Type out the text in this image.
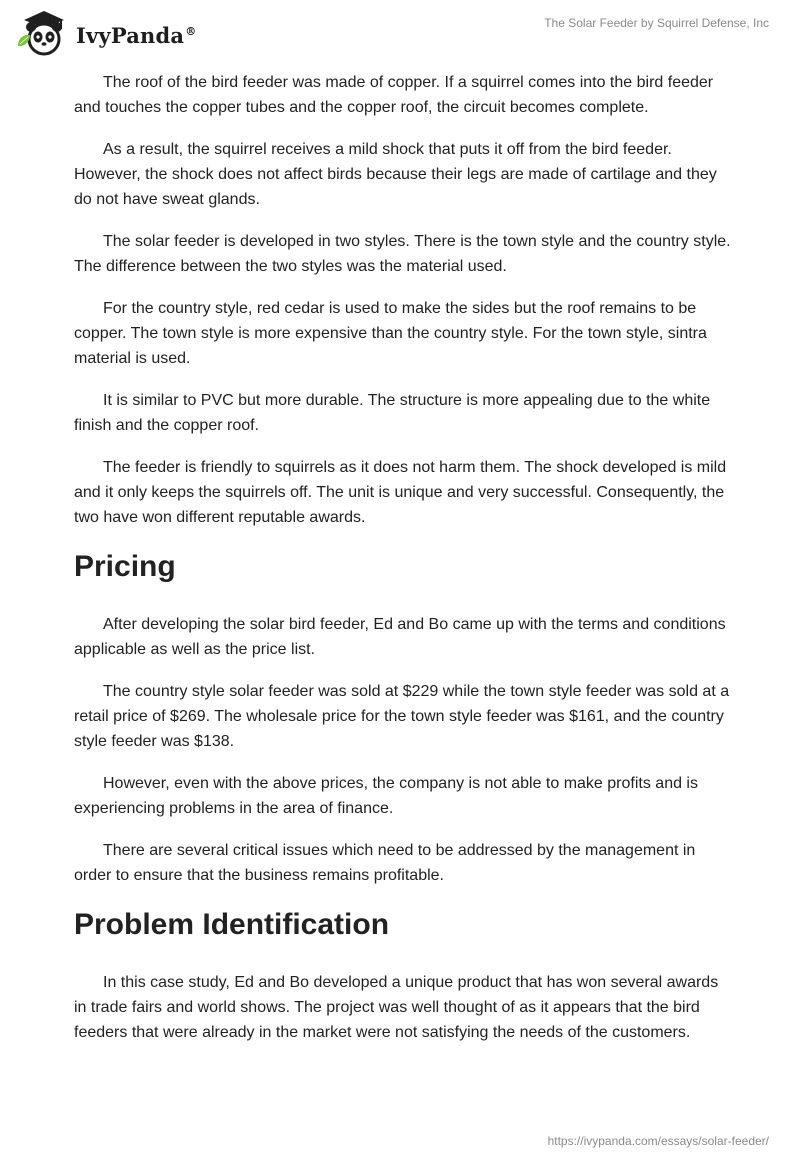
IvyPanda®
The Solar Feeder by Squirrel Defense, Inc

The roof of the bird feeder was made of copper. If a squirrel comes into the bird feeder and touches the copper tubes and the copper roof, the circuit becomes complete.

As a result, the squirrel receives a mild shock that puts it off from the bird feeder. However, the shock does not affect birds because their legs are made of cartilage and they do not have sweat glands.

The solar feeder is developed in two styles. There is the town style and the country style. The difference between the two styles was the material used.

For the country style, red cedar is used to make the sides but the roof remains to be copper. The town style is more expensive than the country style. For the town style, sintra material is used.

It is similar to PVC but more durable. The structure is more appealing due to the white finish and the copper roof.

The feeder is friendly to squirrels as it does not harm them. The shock developed is mild and it only keeps the squirrels off. The unit is unique and very successful. Consequently, the two have won different reputable awards.

Pricing

After developing the solar bird feeder, Ed and Bo came up with the terms and conditions applicable as well as the price list.

The country style solar feeder was sold at $229 while the town style feeder was sold at a retail price of $269. The wholesale price for the town style feeder was $161, and the country style feeder was $138.

However, even with the above prices, the company is not able to make profits and is experiencing problems in the area of finance.

There are several critical issues which need to be addressed by the management in order to ensure that the business remains profitable.

Problem Identification

In this case study, Ed and Bo developed a unique product that has won several awards in trade fairs and world shows. The project was well thought of as it appears that the bird feeders that were already in the market were not satisfying the needs of the customers.

https://ivypanda.com/essays/solar-feeder/
